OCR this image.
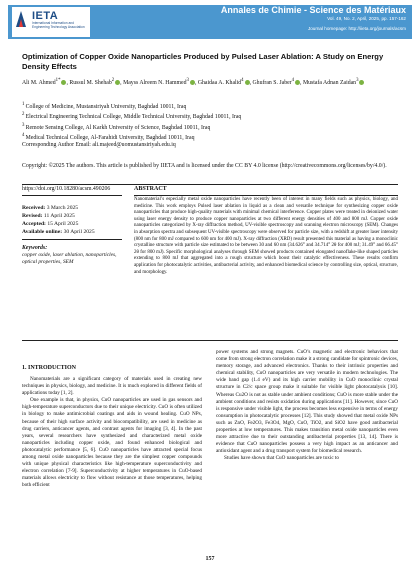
IETA
International Information and Engineering Technology Association
Annales de Chimie - Science des Matériaux
Vol. 49, No. 2, April, 2025, pp. 157-162
Journal homepage: http://iieta.org/journals/acsm
Optimization of Copper Oxide Nanoparticles Produced by Pulsed Laser Ablation: A Study on Energy Density Effects
Ali M. Ahmed$^{1*}$ , Russul M. Shehab$^2$ , Mayss Alreem N. Hammed$^3$ , Ghaidaa A. Khalid$^4$ , Ghufran S. Jaber$^4$ , Mustafa Adnan Zaidan$^3$
$^1$ College of Medicine, Mustansiriyah University, Baghdad 10011, Iraq
$^2$ Electrical Engineering Technical College, Middle Technical University, Baghdad 10011, Iraq
$^3$ Remote Sensing College, Al Karkh University of Science, Baghdad 10011, Iraq
$^4$ Medical Technical College, Al-Farahidi University, Baghdad 10011, Iraq
Corresponding Author Email: ali.majeed@uomustansiriyah.edu.iq
Copyright: ©2025 The authors. This article is published by IIETA and is licensed under the CC BY 4.0 license (http://creativecommons.org/licenses/by/4.0/).
https://doi.org/10.18280/acsm.490206
Received: 3 March 2025
Revised: 11 April 2025
Accepted: 15 April 2025
Available online: 30 April 2025
Keywords:
copper oxide, laser ablation, nanoparticles, optical properties, SEM
ABSTRACT
Nanomaterial’s especially metal oxide nanoparticles have recently been of interest in many fields such as physics, biology, and medicine. This work employs Pulsed laser ablation in liquid as a clean and versatile technique for synthesizing copper oxide nanoparticles that produce high-quality materials with minimal chemical interference. Copper plates were treated in deionized water using laser energy density to produce copper nanoparticles at two different energy densities of 400 and 800 mJ. Copper oxide nanoparticles categorized by X-ray diffraction method, UV-visible spectroscopy and scanning electron microscopy (SEM). Changes in absorption spectra and subsequent UV-visible spectroscopy were observed for particle size, with a redshift at greater laser intensity (800 nm for 800 mJ compared to 600 nm for 400 mJ). X-ray diffraction (XRD) result presented this material as having a monoclinic crystalline structure with particle size estimated to be between 30 and 60 nm (34.626° and 34.714° 2θ for 400 mJ; 31.49° and 66.45° 2θ for 800 mJ). Specific morphological analyses through SEM showed products contained elongated nanoflake-like shaped particles extending to 800 mJ that aggregated into a rough structure which boost their catalytic effectiveness. These results confirm application for photocatalytic activities, antibacterial activity, and enhanced biomedical science by controlling size, optical, structure, and morphology.
1. INTRODUCTION

Nanomaterials are a significant category of materials used in creating new techniques in physics, biology, and medicine. It is much explored in different fields of applications today [1, 2].

One example is that, in physics, CuO nanoparticles are used in gas sensors and high-temperature superconductors due to their unique electricity. CuO is often utilized in biology to make antimicrobial coatings and aids in wound healing. CuO NPs, because of their high surface activity and biocompatibility, are used in medicine as drug carriers, anticancer agents, and contrast agents for imaging [3, 4]. In the past years, several researchers have synthesized and characterized metal oxide nanoparticles including copper oxide, and found enhanced biological and photocatalytic performance [5, 6]. CuO nanoparticles have attracted special focus among metal oxide nanoparticles because they are the simplest copper compounds with unique physical characteristics like high-temperature superconductivity and electron correlation [7-9]. Superconductivity at higher temperatures in CuO-based materials allows electricity to flow without resistance at those temperatures, helping both efficient

power systems and strong magnets. CuO’s magnetic and electronic behaviors that come from strong electron correlation make it a strong candidate for spintronic devices, memory storage, and advanced electronics. Thanks to their intrinsic properties and chemical stability, CuO nanoparticles are very versatile in modern technologies. The wide band gap (1.4 eV) and its high carrier mobility in CuO monoclinic crystal structure in C2/c space group make it suitable for visible light photocatalysis [10]. Whereas Cu2O is not as stable under ambient conditions; CuO is more stable under the ambient conditions and resists oxidation during applications [11]. However, since CuO is responsive under visible light, the process becomes less expensive in terms of energy consumption in photocatalytic processes [12]. This study showed that metal oxide NPs such as ZnO, Fe2O3, Fe3O4, MgO, CuO, TiO2, and SiO2 have good antibacterial properties at low temperatures. This makes transition metal oxide nanoparticles even more attractive due to their outstanding antibacterial properties [13, 14]. There is evidence that CuO nanoparticles possess a very high impact as an anticancer and antioxidant agent and a drug transport system for biomedical research.

Studies have shown that CuO nanoparticles are toxic to

157
